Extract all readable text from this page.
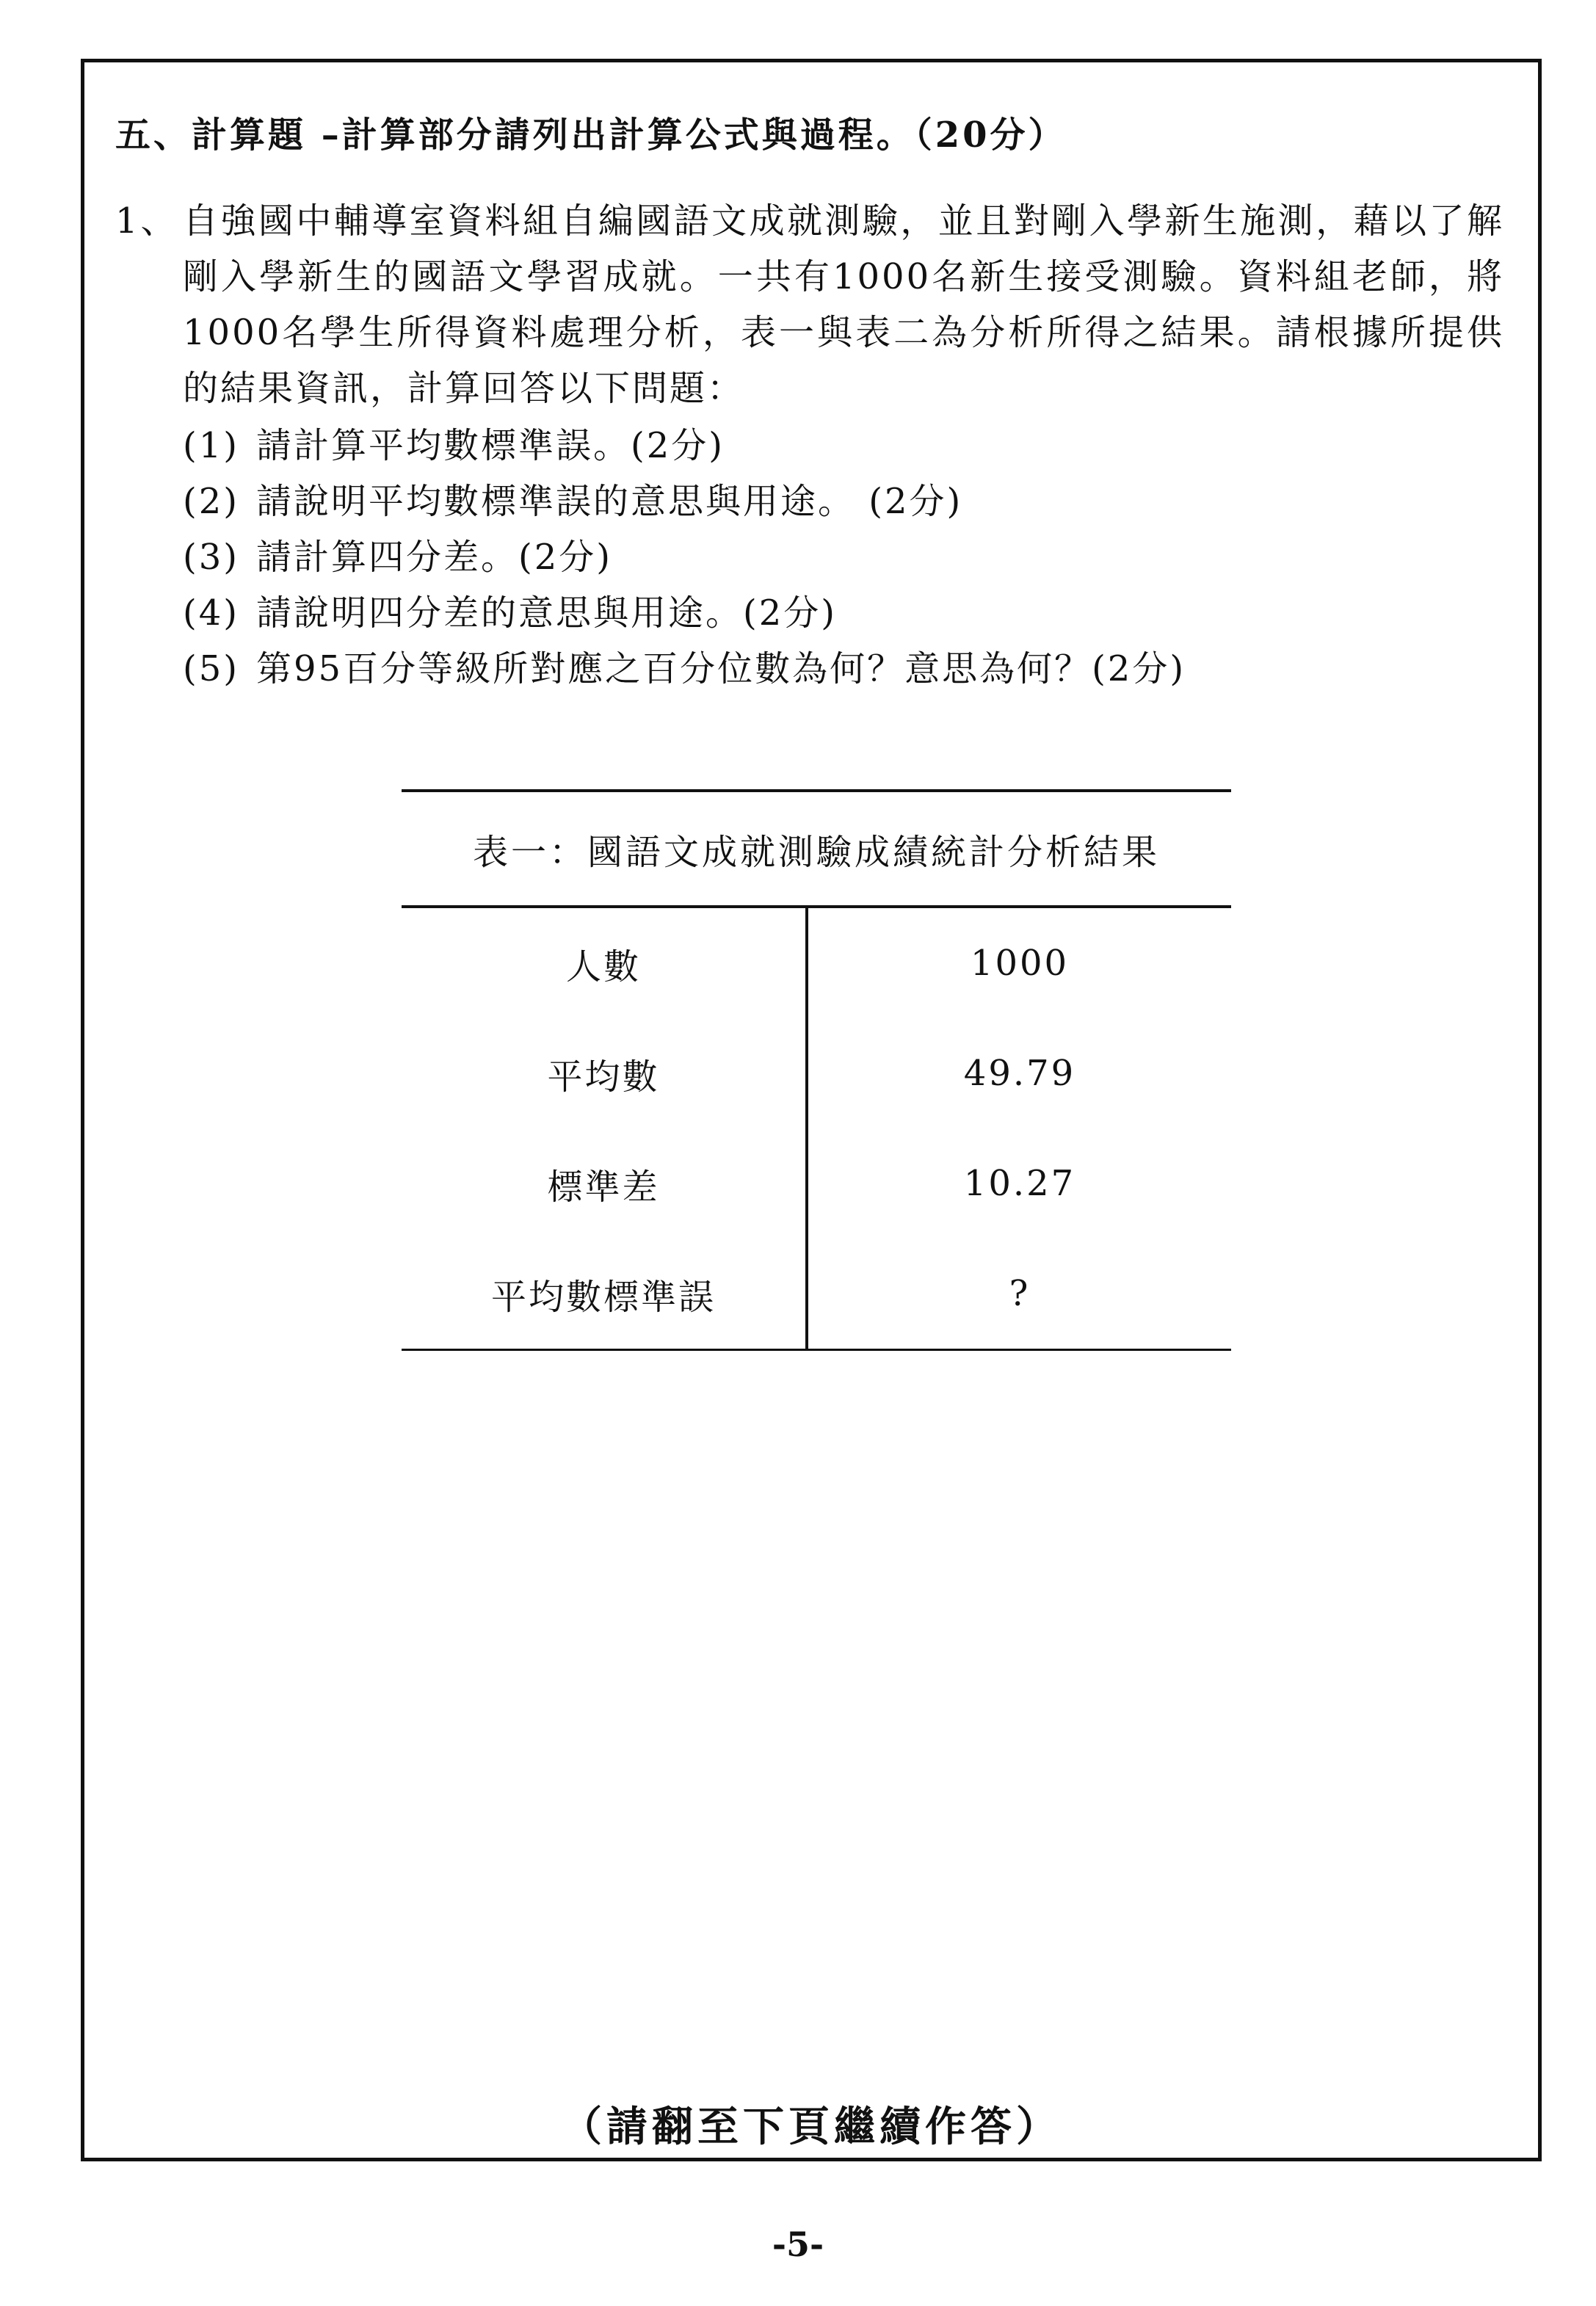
五、計算題 –計算部分請列出計算公式與過程。（20分）
1、 自強國中輔導室資料組自編國語文成就測驗，並且對剛入學新生施測，藉以了解剛入學新生的國語文學習成就。一共有1000名新生接受測驗。資料組老師，將1000名學生所得資料處理分析，表一與表二為分析所得之結果。請根據所提供的結果資訊，計算回答以下問題：
(1) 請計算平均數標準誤。(2分)
(2) 請說明平均數標準誤的意思與用途。 (2分)
(3) 請計算四分差。(2分)
(4) 請說明四分差的意思與用途。(2分)
(5) 第95百分等級所對應之百分位數為何？意思為何？(2分)
表一：國語文成就測驗成績統計分析結果
人數	1000
平均數	49.79
標準差	10.27
平均數標準誤	?
（請翻至下頁繼續作答）
-5-
